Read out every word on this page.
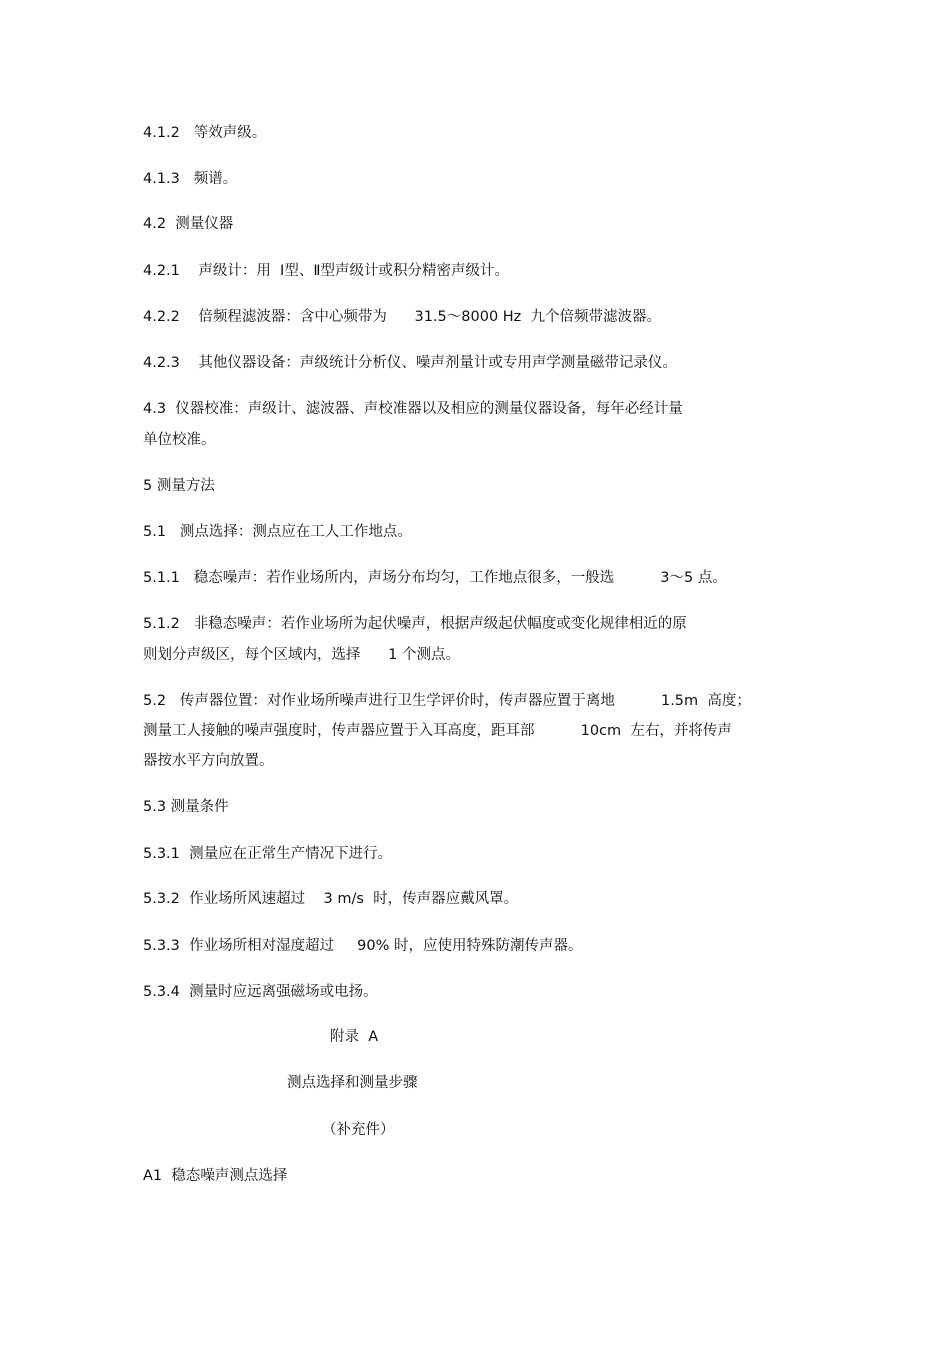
4.1.2   等效声级。
4.1.3   频谱。
4.2  测量仪器
4.2.1    声级计：用  Ⅰ型、Ⅱ型声级计或积分精密声级计。
4.2.2    倍频程滤波器：含中心频带为      31.5～8000 Hz  九个倍频带滤波器。
4.2.3    其他仪器设备：声级统计分析仪、噪声剂量计或专用声学测量磁带记录仪。
4.3  仪器校准：声级计、滤波器、声校准器以及相应的测量仪器设备，每年必经计量
单位校准。
5 测量方法
5.1   测点选择：测点应在工人工作地点。
5.1.1   稳态噪声：若作业场所内，声场分布均匀，工作地点很多，一般选          3～5 点。
5.1.2   非稳态噪声：若作业场所为起伏噪声，根据声级起伏幅度或变化规律相近的原
则划分声级区，每个区域内，选择      1 个测点。
5.2   传声器位置：对作业场所噪声进行卫生学评价时，传声器应置于离地          1.5m  高度；
测量工人接触的噪声强度时，传声器应置于入耳高度，距耳部          10cm  左右，并将传声
器按水平方向放置。
5.3 测量条件
5.3.1  测量应在正常生产情况下进行。
5.3.2  作业场所风速超过    3 m/s  时，传声器应戴风罩。
5.3.3  作业场所相对湿度超过     90% 时，应使用特殊防潮传声器。
5.3.4  测量时应远离强磁场或电扬。
附录  A
测点选择和测量步骤
（补充件）
A1  稳态噪声测点选择
